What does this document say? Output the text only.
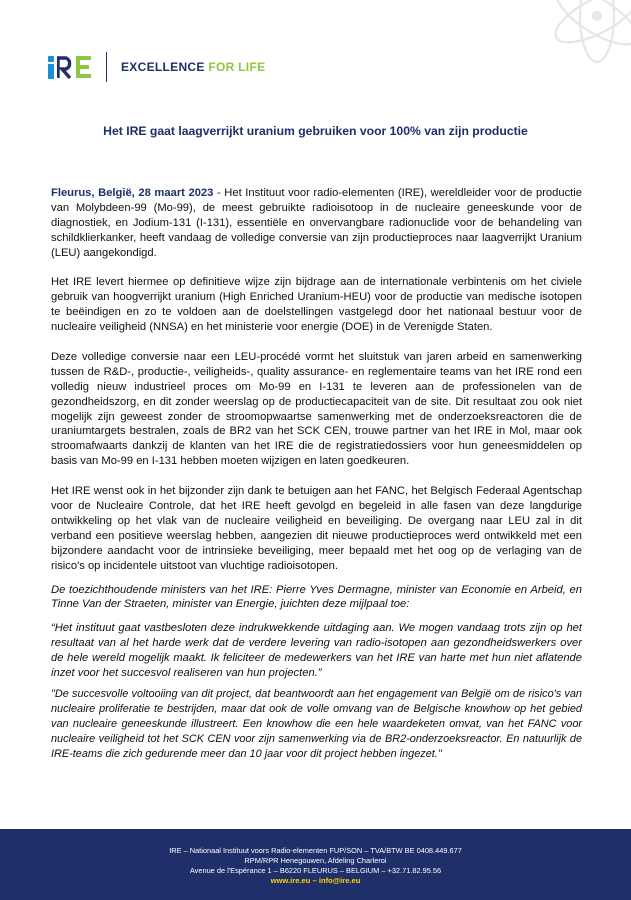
EXCELLENCE FOR LIFE
Het IRE gaat laagverrijkt uranium gebruiken voor 100% van zijn productie

Fleurus, België, 28 maart 2023 - Het Instituut voor radio-elementen (IRE), wereldleider voor de productie van Molybdeen-99 (Mo-99), de meest gebruikte radioisotoop in de nucleaire geneeskunde voor de diagnostiek, en Jodium-131 (I-131), essentiële en onvervangbare radionuclide voor de behandeling van schildklierkanker, heeft vandaag de volledige conversie van zijn productieproces naar laagverrijkt Uranium (LEU) aangekondigd.

Het IRE levert hiermee op definitieve wijze zijn bijdrage aan de internationale verbintenis om het civiele gebruik van hoogverrijkt uranium (High Enriched Uranium-HEU) voor de productie van medische isotopen te beëindigen en zo te voldoen aan de doelstellingen vastgelegd door het nationaal bestuur voor de nucleaire veiligheid (NNSA) en het ministerie voor energie (DOE) in de Verenigde Staten.

Deze volledige conversie naar een LEU-procédé vormt het sluitstuk van jaren arbeid en samenwerking tussen de R&D-, productie-, veiligheids-, quality assurance- en reglementaire teams van het IRE rond een volledig nieuw industrieel proces om Mo-99 en I-131 te leveren aan de professionelen van de gezondheidszorg, en dit zonder weerslag op de productiecapaciteit van de site. Dit resultaat zou ook niet mogelijk zijn geweest zonder de stroomopwaartse samenwerking met de onderzoeksreactoren die de uraniumtargets bestralen, zoals de BR2 van het SCK CEN, trouwe partner van het IRE in Mol, maar ook stroomafwaarts dankzij de klanten van het IRE die de registratiedossiers voor hun geneesmiddelen op basis van Mo-99 en I-131 hebben moeten wijzigen en laten goedkeuren.

Het IRE wenst ook in het bijzonder zijn dank te betuigen aan het FANC, het Belgisch Federaal Agentschap voor de Nucleaire Controle, dat het IRE heeft gevolgd en begeleid in alle fasen van deze langdurige ontwikkeling op het vlak van de nucleaire veiligheid en beveiliging. De overgang naar LEU zal in dit verband een positieve weerslag hebben, aangezien dit nieuwe productieproces werd ontwikkeld met een bijzondere aandacht voor de intrinsieke beveiliging, meer bepaald met het oog op de verlaging van de risico's op incidentele uitstoot van vluchtige radioisotopen.

De toezichthoudende ministers van het IRE: Pierre Yves Dermagne, minister van Economie en Arbeid, en Tinne Van der Straeten, minister van Energie, juichten deze mijlpaal toe:

“Het instituut gaat vastbesloten deze indrukwekkende uitdaging aan. We mogen vandaag trots zijn op het resultaat van al het harde werk dat de verdere levering van radio-isotopen aan gezondheidswerkers over de hele wereld mogelijk maakt. Ik feliciteer de medewerkers van het IRE van harte met hun niet aflatende inzet voor het succesvol realiseren van hun projecten.”

"De succesvolle voltooiing van dit project, dat beantwoordt aan het engagement van België om de risico's van nucleaire proliferatie te bestrijden, maar dat ook de volle omvang van de Belgische knowhow op het gebied van nucleaire geneeskunde illustreert. Een knowhow die een hele waardeketen omvat, van het FANC voor nucleaire veiligheid tot het SCK CEN voor zijn samenwerking via de BR2-onderzoeksreactor. En natuurlijk de IRE-teams die zich gedurende meer dan 10 jaar voor dit project hebben ingezet."

IRE – Nationaal Instituut voors Radio-elementen FUP/SON – TVA/BTW BE 0408.449.677
RPM/RPR Henegouwen, Afdeling Charleroi
Avenue de l'Espérance 1 – B6220 FLEURUS – BELGIUM – +32.71.82.95.56
www.ire.eu – info@ire.eu
